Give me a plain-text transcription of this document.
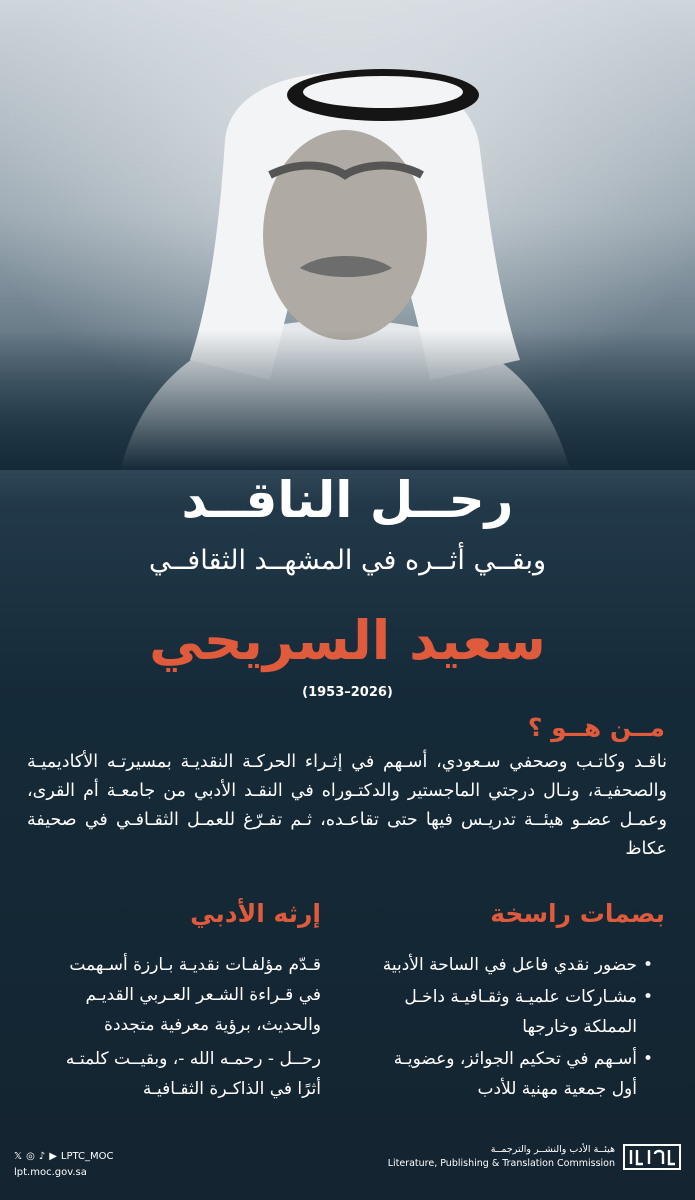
رحــل الناقــد
وبقــي أثــره في المشهــد الثقافــي
سعيد السريحي
(1953–2026)
مــن هــو ؟
ناقـد وكاتـب وصحفي سـعودي، أسـهم في إثـراء الحركـة النقديـة بمسيرتـه الأكاديميـة والصحفيـة، ونـال درجتي الماجستير والدكتـوراه في النقـد الأدبي من جامعـة أم القرى، وعمـل عضـو هيئــة تدريـس فيها حتى تقاعـده، ثـم تفـرّغ للعمـل الثقـافـي في صحيفة عكاظ
بصمات راسخة
• حضور نقدي فاعل في الساحة الأدبية
• مشـاركات علميـة وثقـافيـة داخـل المملكة وخارجها
• أسـهم في تحكيم الجوائز، وعضويـة أول جمعية مهنية للأدب
إرثه الأدبي

قـدّم مؤلفـات نقديـة بـارزة أسـهمت في قـراءة الشـعر العـربي القديـم والحديث، برؤية معرفية متجددة

رحــل - رحمـه الله -، وبقيــت كلمتـه أثرًا في الذاكـرة الثقـافيـة

𝕏 ◎ ♪ ▶ LPTC_MOC
lpt.moc.gov.sa
هيئــة الأدب والنشــر والترجمــة
Literature, Publishing & Translation Commission
